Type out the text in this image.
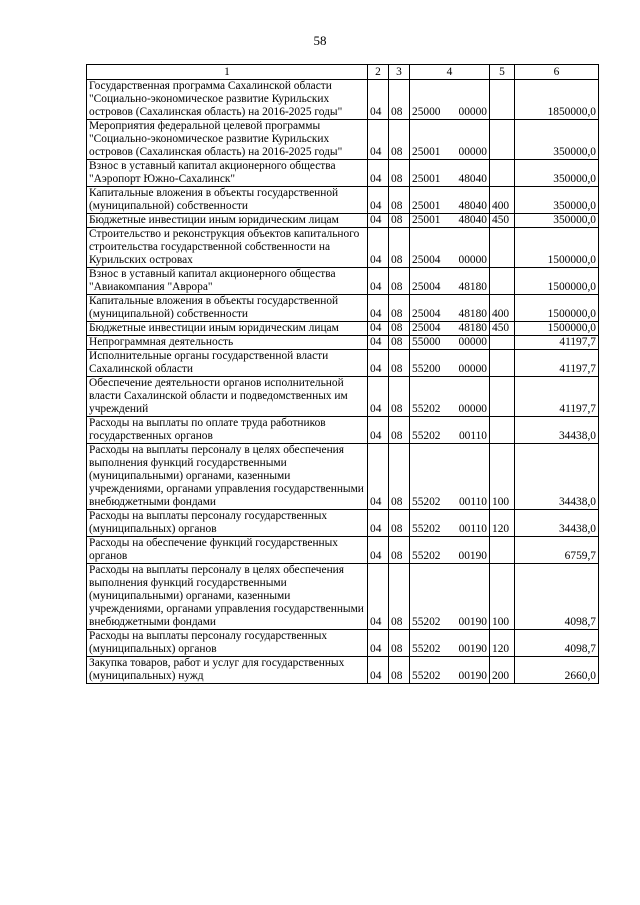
58
1	2	3	4	5	6
Государственная программа Сахалинской области "Социально-экономическое развитие Курильских островов (Сахалинская область) на 2016-2025 годы"	04	08	25000 00000		1850000,0
Мероприятия федеральной целевой программы "Социально-экономическое развитие Курильских островов (Сахалинская область) на 2016-2025 годы"	04	08	25001 00000		350000,0
Взнос в уставный капитал акционерного общества "Аэропорт Южно-Сахалинск"	04	08	25001 48040		350000,0
Капитальные вложения в объекты государственной (муниципальной) собственности	04	08	25001 48040	400	350000,0
Бюджетные инвестиции иным юридическим лицам	04	08	25001 48040	450	350000,0
Строительство и реконструкция объектов капитального строительства государственной собственности на Курильских островах	04	08	25004 00000		1500000,0
Взнос в уставный капитал акционерного общества "Авиакомпания "Аврора"	04	08	25004 48180		1500000,0
Капитальные вложения в объекты государственной (муниципальной) собственности	04	08	25004 48180	400	1500000,0
Бюджетные инвестиции иным юридическим лицам	04	08	25004 48180	450	1500000,0
Непрограммная деятельность	04	08	55000 00000		41197,7
Исполнительные органы государственной власти Сахалинской области	04	08	55200 00000		41197,7
Обеспечение деятельности органов исполнительной власти Сахалинской области и подведомственных им учреждений	04	08	55202 00000		41197,7
Расходы на выплаты по оплате труда работников государственных органов	04	08	55202 00110		34438,0
Расходы на выплаты персоналу в целях обеспечения выполнения функций государственными (муниципальными) органами, казенными учреждениями, органами управления государственными внебюджетными фондами	04	08	55202 00110	100	34438,0
Расходы на выплаты персоналу государственных (муниципальных) органов	04	08	55202 00110	120	34438,0
Расходы на обеспечение функций государственных органов	04	08	55202 00190		6759,7
Расходы на выплаты персоналу в целях обеспечения выполнения функций государственными (муниципальными) органами, казенными учреждениями, органами управления государственными внебюджетными фондами	04	08	55202 00190	100	4098,7
Расходы на выплаты персоналу государственных (муниципальных) органов	04	08	55202 00190	120	4098,7
Закупка товаров, работ и услуг для государственных (муниципальных) нужд	04	08	55202 00190	200	2660,0
